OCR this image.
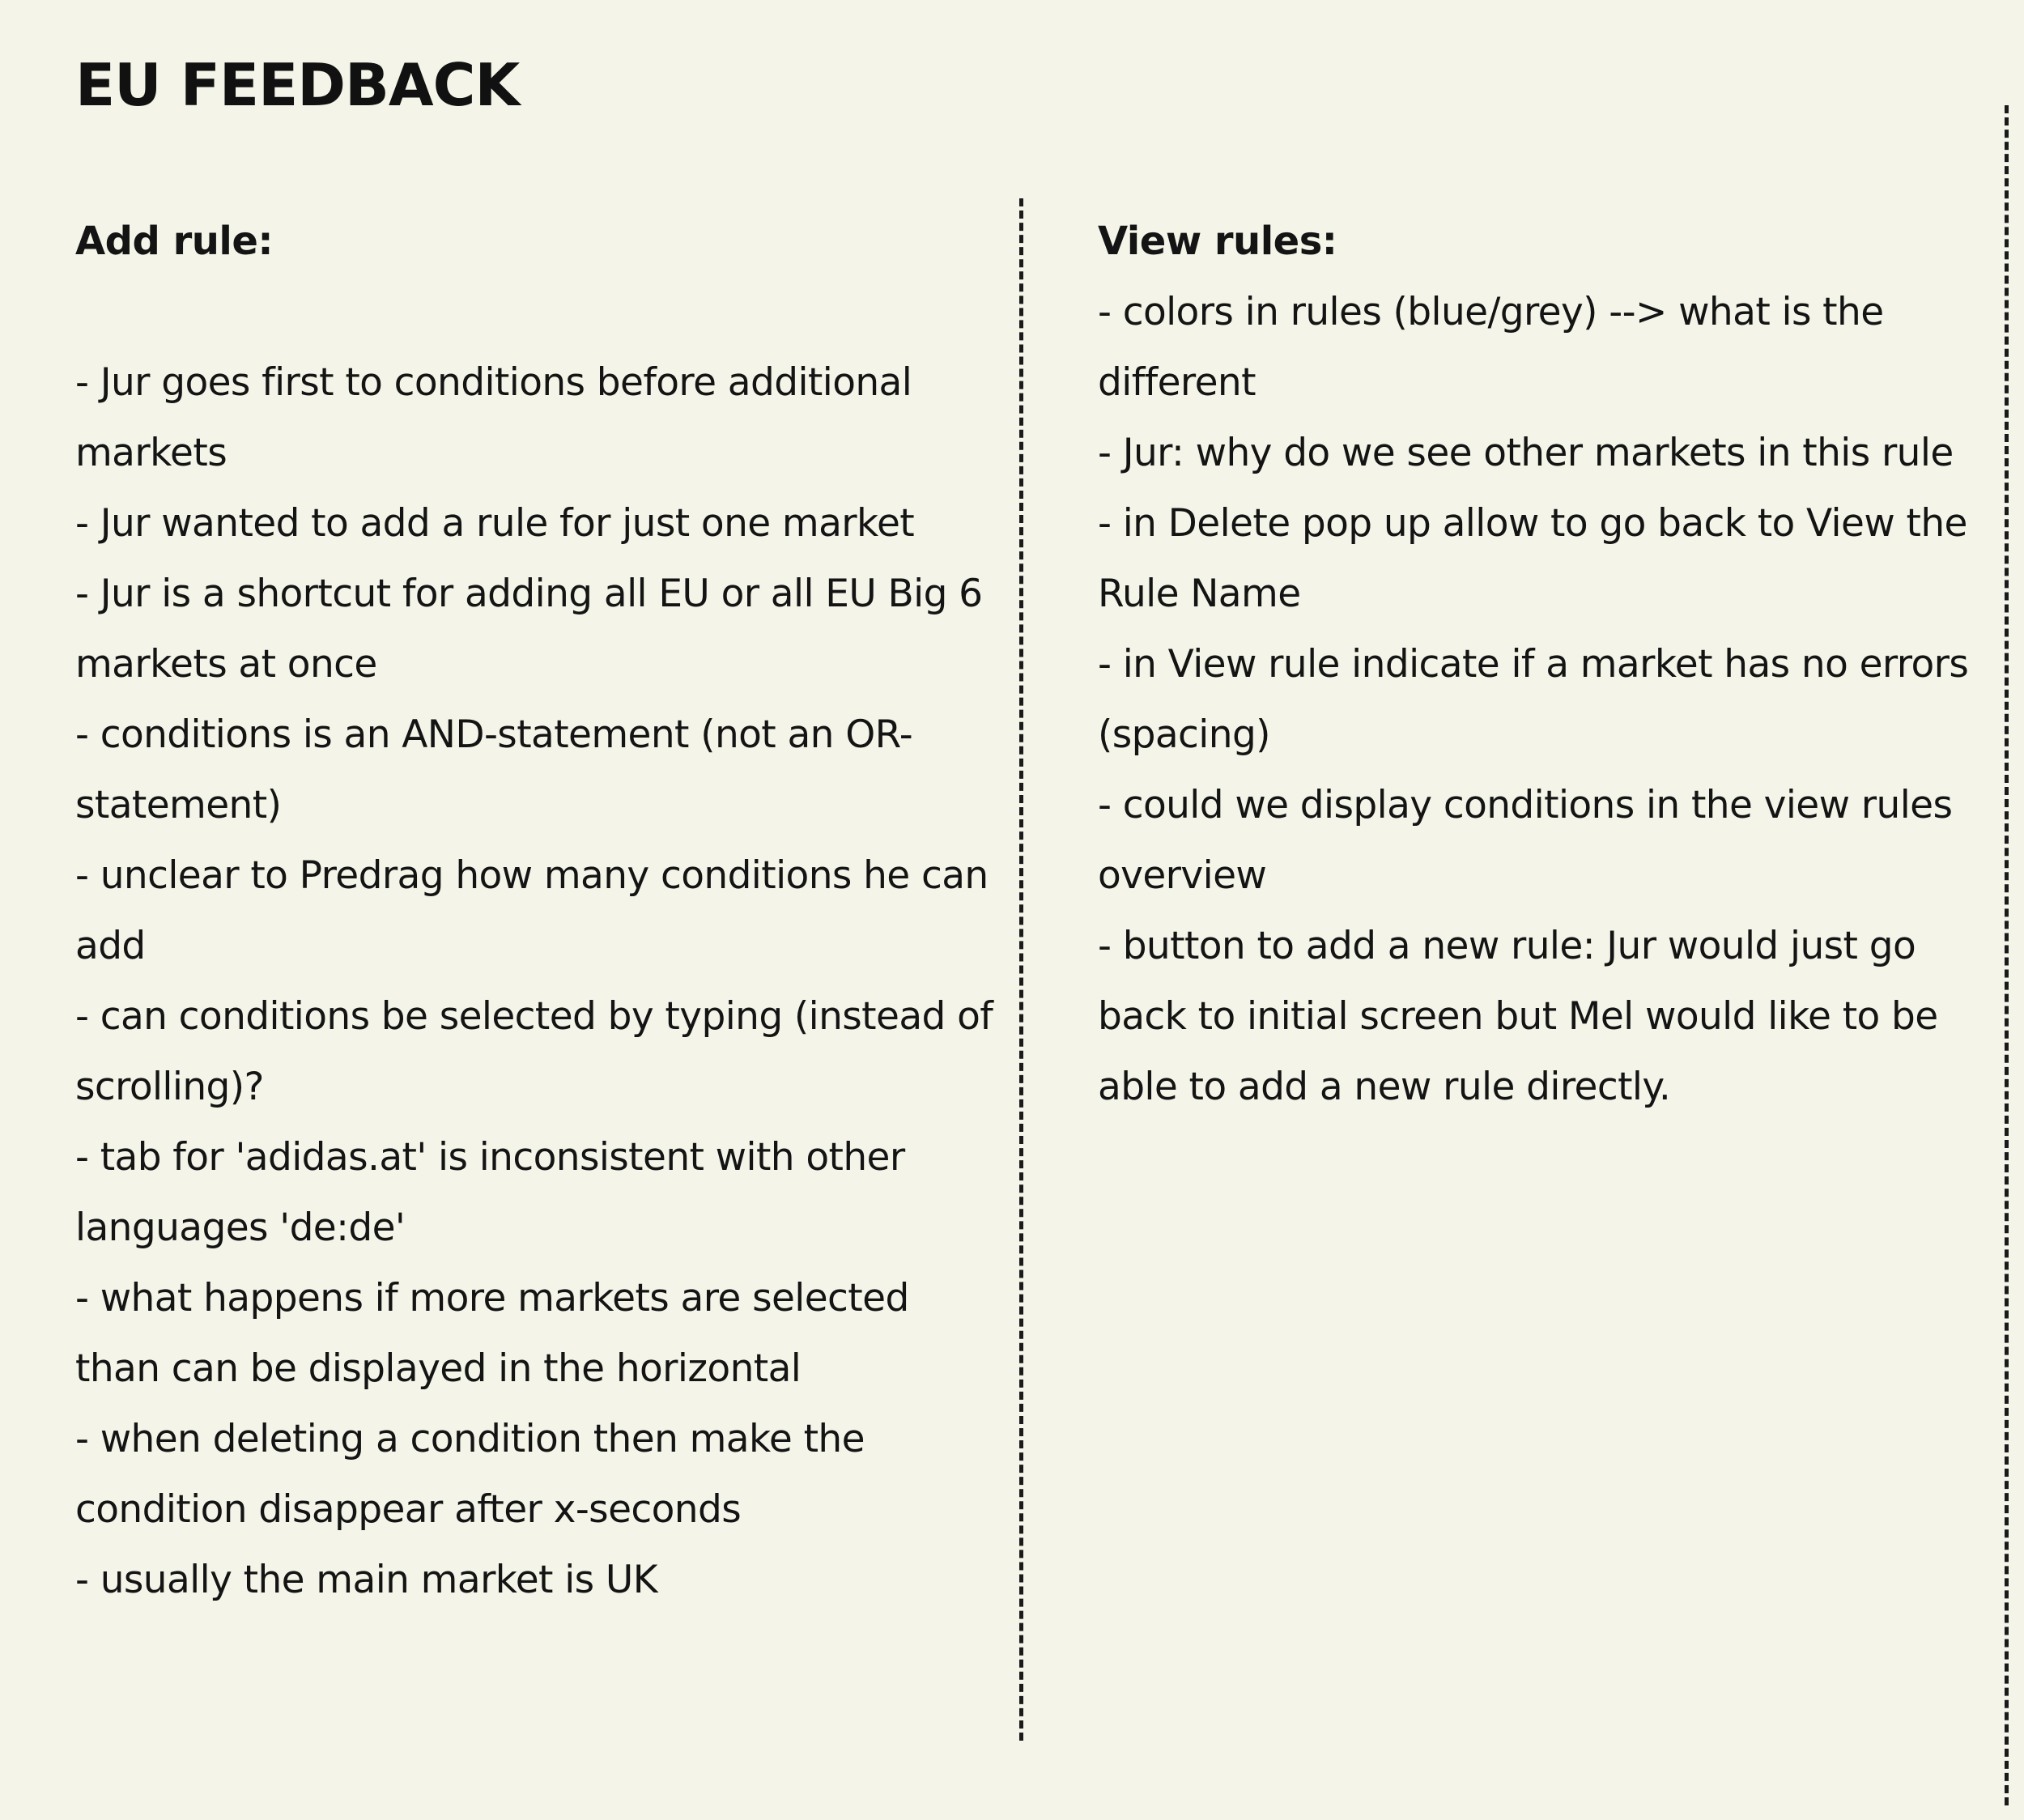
EU FEEDBACK
Add rule:
- Jur goes first to conditions before additional markets
- Jur wanted to add a rule for just one market
- Jur is a shortcut for adding all EU or all EU Big 6 markets at once
- conditions is an AND-statement (not an OR-statement)
- unclear to Predrag how many conditions he can add
- can conditions be selected by typing (instead of scrolling)?
- tab for 'adidas.at' is inconsistent with other languages 'de:de'
- what happens if more markets are selected than can be displayed in the horizontal
- when deleting a condition then make the condition disappear after x-seconds
- usually the main market is UK
View rules:
- colors in rules (blue/grey) --> what is the different
- Jur: why do we see other markets in this rule
- in Delete pop up allow to go back to View the Rule Name
- in View rule indicate if a market has no errors (spacing)
- could we display conditions in the view rules overview
- button to add a new rule: Jur would just go back to initial screen but Mel would like to be able to add a new rule directly.
